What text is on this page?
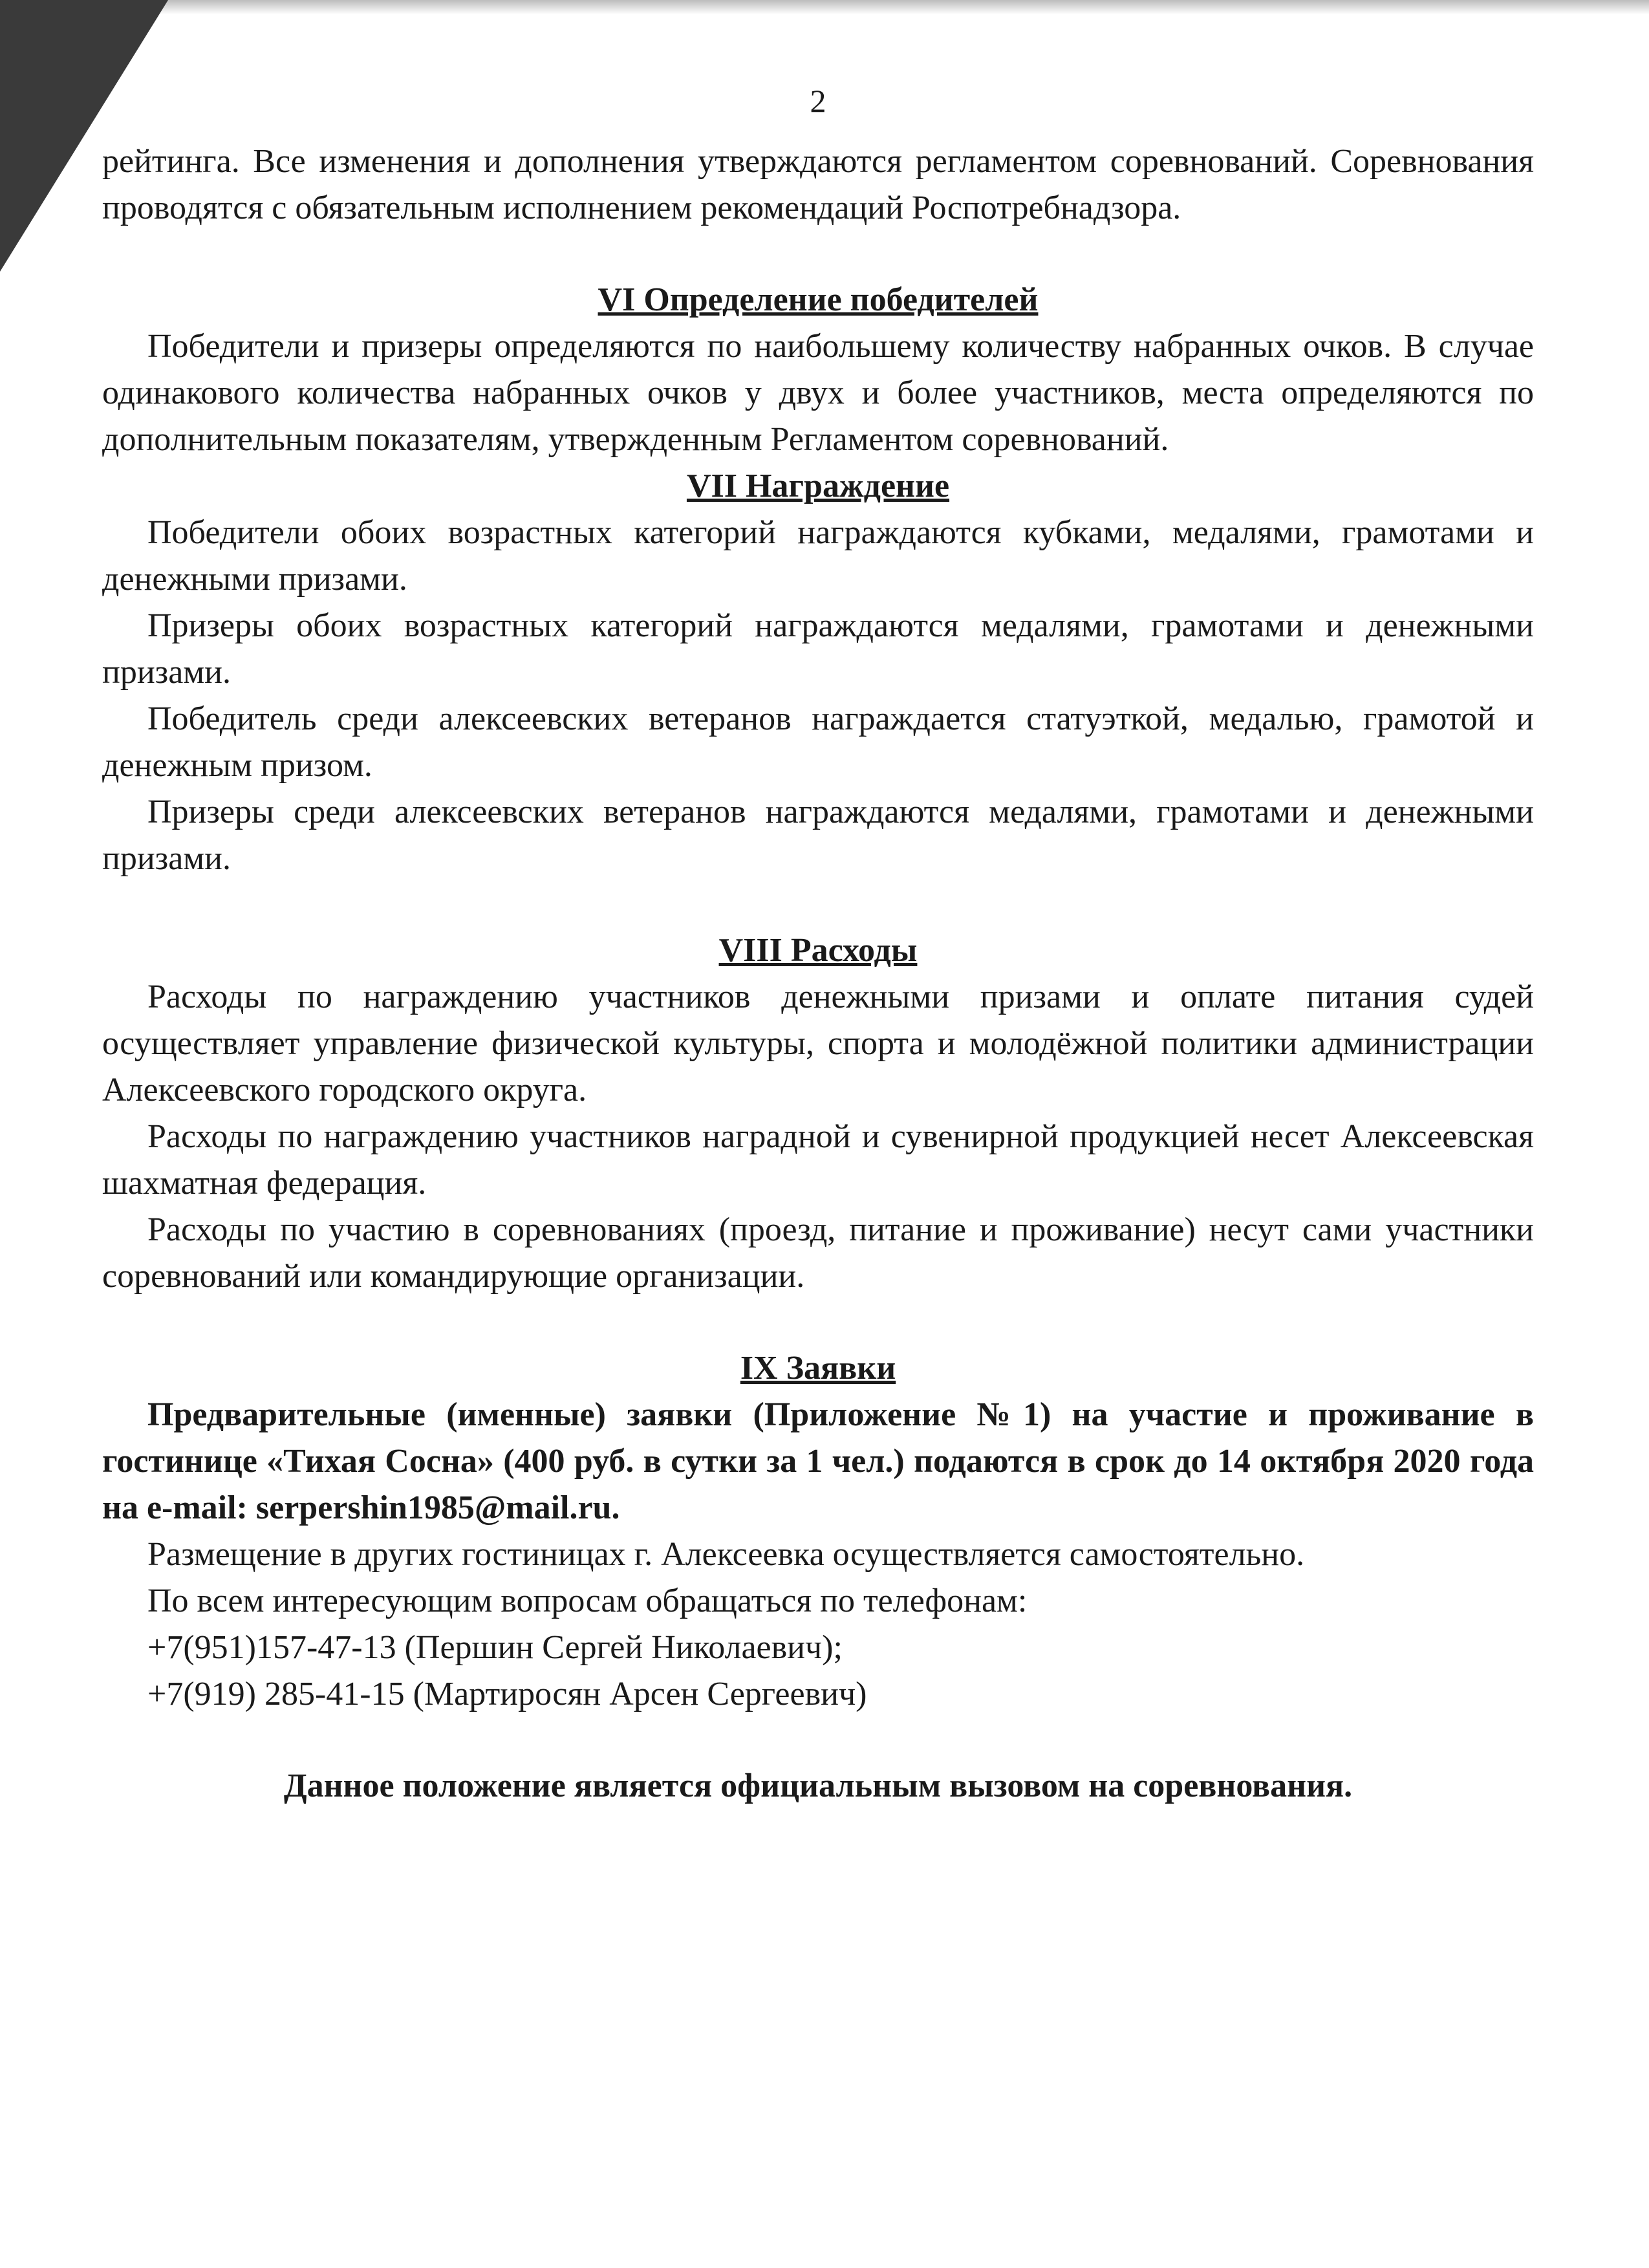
2

рейтинга. Все изменения и дополнения утверждаются регламентом соревнований. Соревнования проводятся с обязательным исполнением рекомендаций Роспотребнадзора.

VI Определение победителей

Победители и призеры определяются по наибольшему количеству набранных очков. В случае одинакового количества набранных очков у двух и более участников, места определяются по дополнительным показателям, утвержденным Регламентом соревнований.

VII Награждение

Победители обоих возрастных категорий награждаются кубками, медалями, грамотами и денежными призами.

Призеры обоих возрастных категорий награждаются медалями, грамотами и денежными призами.

Победитель среди алексеевских ветеранов награждается статуэткой, медалью, грамотой и денежным призом.

Призеры среди алексеевских ветеранов награждаются медалями, грамотами и денежными призами.

VIII Расходы

Расходы по награждению участников денежными призами и оплате питания судей осуществляет управление физической культуры, спорта и молодёжной политики администрации Алексеевского городского округа.

Расходы по награждению участников наградной и сувенирной продукцией несет Алексеевская шахматная федерация.

Расходы по участию в соревнованиях (проезд, питание и проживание) несут сами участники соревнований или командирующие организации.

IX Заявки

Предварительные (именные) заявки (Приложение №1) на участие и проживание в гостинице «Тихая Сосна» (400 руб. в сутки за 1 чел.) подаются в срок до 14 октября 2020 года на e-mail: serpershin1985@mail.ru.

Размещение в других гостиницах г. Алексеевка осуществляется самостоятельно.

По всем интересующим вопросам обращаться по телефонам:

+7(951)157-47-13 (Першин Сергей Николаевич);

+7(919) 285-41-15 (Мартиросян Арсен Сергеевич)

Данное положение является официальным вызовом на соревнования.
